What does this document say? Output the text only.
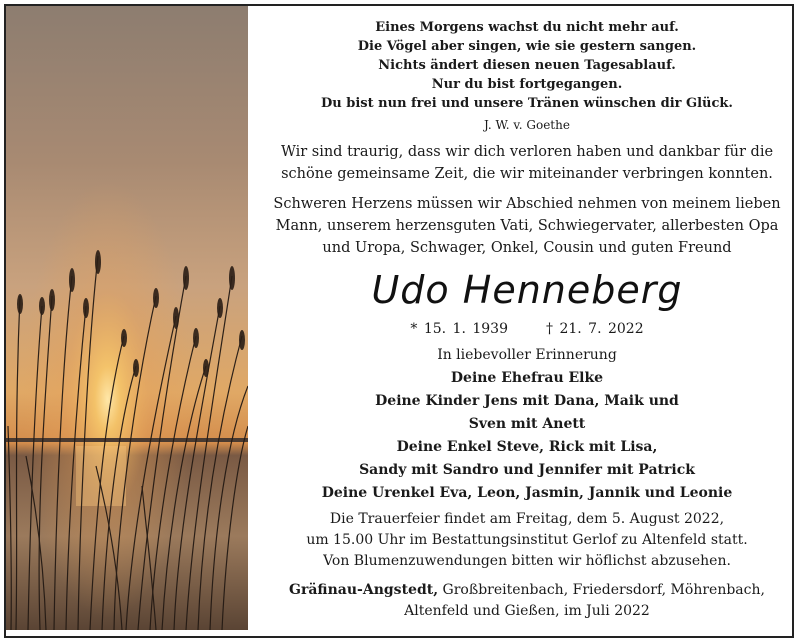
Eines Morgens wachst du nicht mehr auf.
Die Vögel aber singen, wie sie gestern sangen.
Nichts ändert diesen neuen Tagesablauf.
Nur du bist fortgegangen.
Du bist nun frei und unsere Tränen wünschen dir Glück.
J. W. v. Goethe
Wir sind traurig, dass wir dich verloren haben und dankbar für die
schöne gemeinsame Zeit, die wir miteinander verbringen konnten.
Schweren Herzens müssen wir Abschied nehmen von meinem lieben
Mann, unserem herzensguten Vati, Schwiegervater, allerbesten Opa
und Uropa, Schwager, Onkel, Cousin und guten Freund
Udo Henneberg
* 15. 1. 1939	† 21. 7. 2022
In liebevoller Erinnerung
Deine Ehefrau Elke
Deine Kinder Jens mit Dana, Maik und
Sven mit Anett
Deine Enkel Steve, Rick mit Lisa,
Sandy mit Sandro und Jennifer mit Patrick
Deine Urenkel Eva, Leon, Jasmin, Jannik und Leonie
Die Trauerfeier findet am Freitag, dem 5. August 2022,
um 15.00 Uhr im Bestattungsinstitut Gerlof zu Altenfeld statt.
Von Blumenzuwendungen bitten wir höflichst abzusehen.
Gräfinau-Angstedt, Großbreitenbach, Friedersdorf, Möhrenbach,
Altenfeld und Gießen, im Juli 2022
